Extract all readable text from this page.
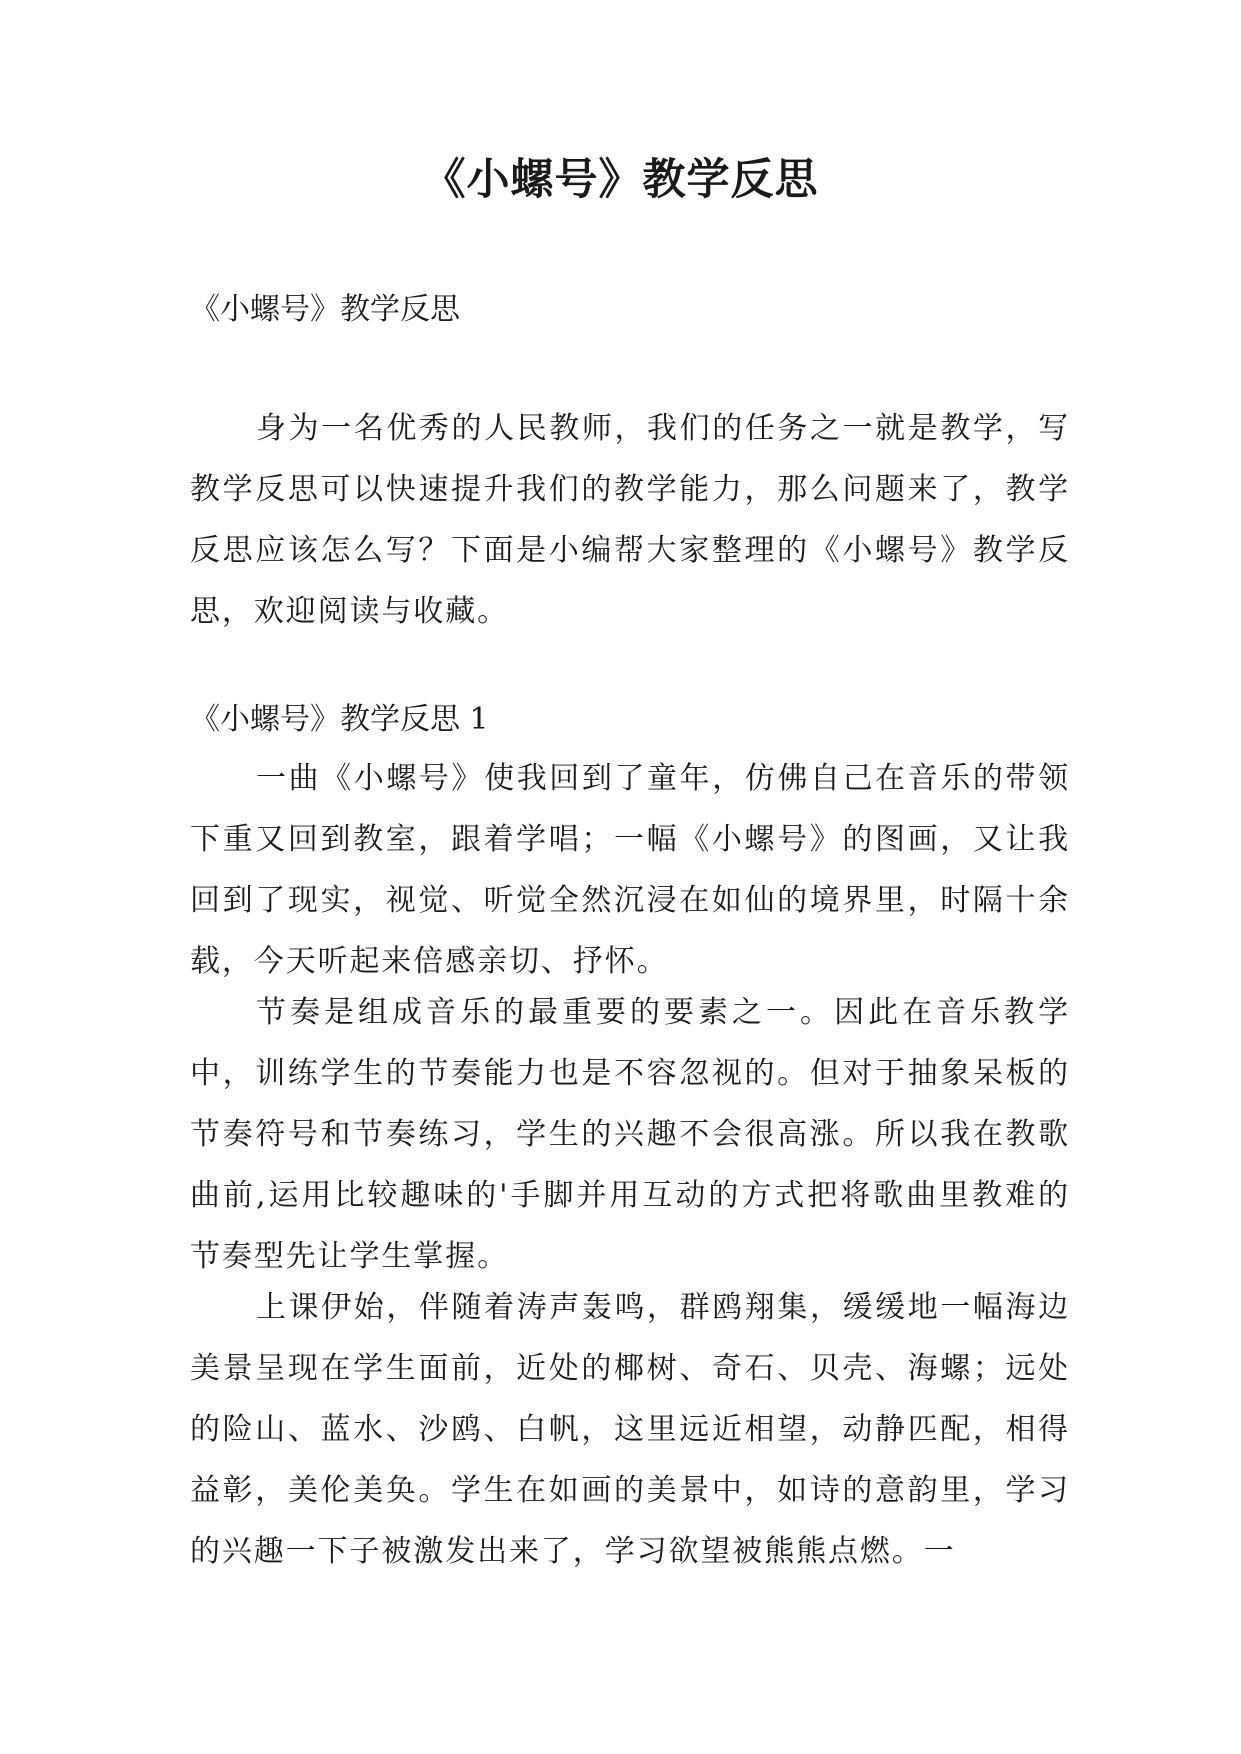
《小螺号》教学反思

《小螺号》教学反思

身为一名优秀的人民教师，我们的任务之一就是教学，写教学反思可以快速提升我们的教学能力，那么问题来了，教学反思应该怎么写？下面是小编帮大家整理的《小螺号》教学反思，欢迎阅读与收藏。

《小螺号》教学反思 1

一曲《小螺号》使我回到了童年，仿佛自己在音乐的带领下重又回到教室，跟着学唱；一幅《小螺号》的图画，又让我回到了现实，视觉、听觉全然沉浸在如仙的境界里，时隔十余载，今天听起来倍感亲切、抒怀。

节奏是组成音乐的最重要的要素之一。因此在音乐教学中，训练学生的节奏能力也是不容忽视的。但对于抽象呆板的节奏符号和节奏练习，学生的兴趣不会很高涨。所以我在教歌曲前,运用比较趣味的'手脚并用互动的方式把将歌曲里教难的节奏型先让学生掌握。

上课伊始，伴随着涛声轰鸣，群鸥翔集，缓缓地一幅海边美景呈现在学生面前，近处的椰树、奇石、贝壳、海螺；远处的险山、蓝水、沙鸥、白帆，这里远近相望，动静匹配，相得益彰，美伦美奂。学生在如画的美景中，如诗的意韵里，学习的兴趣一下子被激发出来了，学习欲望被熊熊点燃。一
